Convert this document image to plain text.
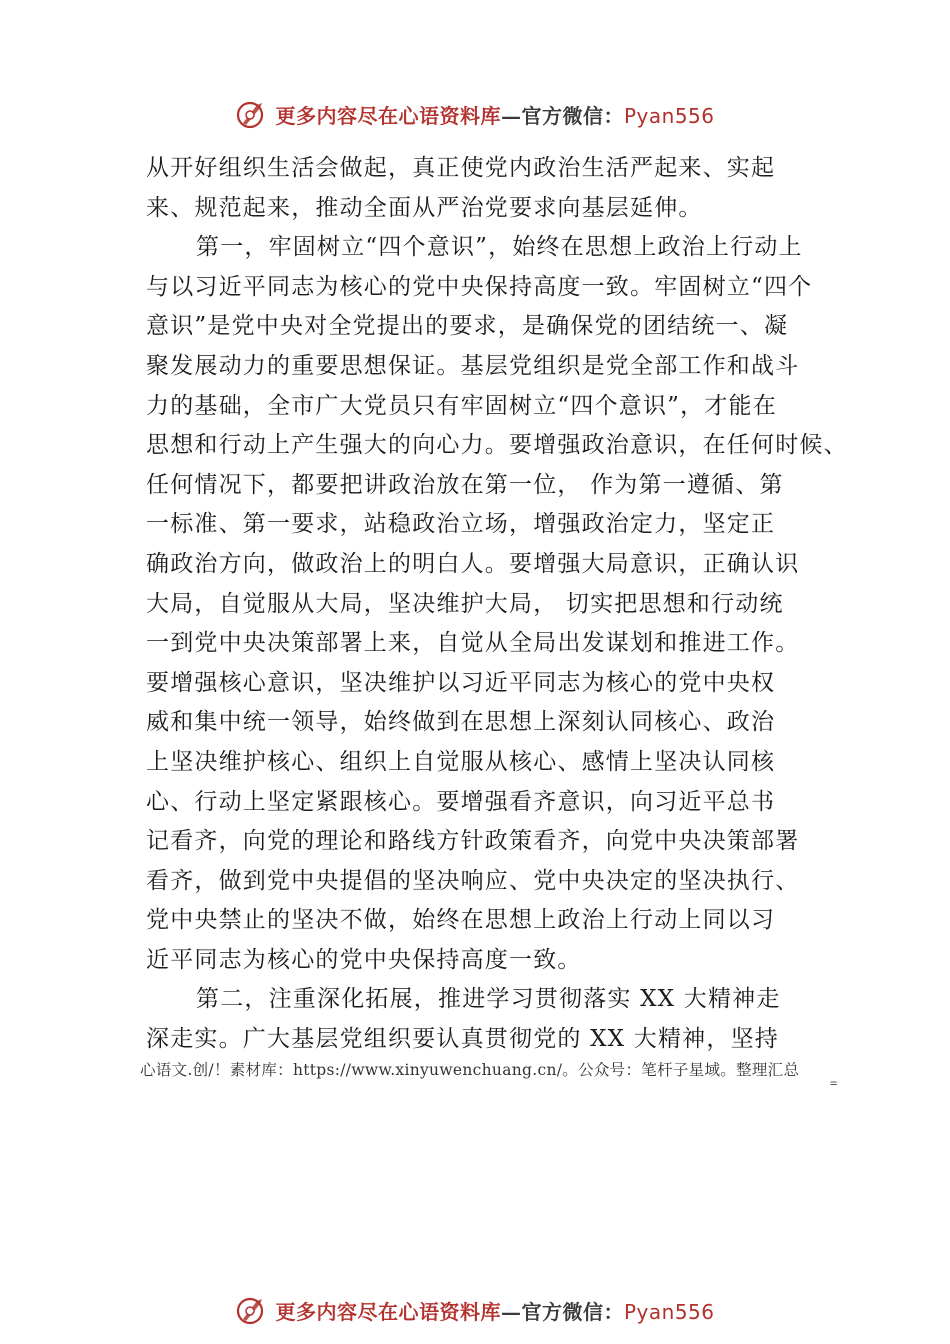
更多内容尽在心语资料库—官方微信：Pyan556
从开好组织生活会做起，真正使党内政治生活严起来、实起
来、规范起来，推动全面从严治党要求向基层延伸。
第一，牢固树立“四个意识”，始终在思想上政治上行动上
与以习近平同志为核心的党中央保持高度一致。牢固树立“四个
意识”是党中央对全党提出的要求，是确保党的团结统一、凝
聚发展动力的重要思想保证。基层党组织是党全部工作和战斗
力的基础，全市广大党员只有牢固树立“四个意识”，才能在
思想和行动上产生强大的向心力。要增强政治意识，在任何时候、
任何情况下，都要把讲政治放在第一位， 作为第一遵循、第
一标准、第一要求，站稳政治立场，增强政治定力，坚定正
确政治方向，做政治上的明白人。要增强大局意识，正确认识
大局，自觉服从大局，坚决维护大局， 切实把思想和行动统
一到党中央决策部署上来，自觉从全局出发谋划和推进工作。
要增强核心意识，坚决维护以习近平同志为核心的党中央权
威和集中统一领导，始终做到在思想上深刻认同核心、政治
上坚决维护核心、组织上自觉服从核心、感情上坚决认同核
心、行动上坚定紧跟核心。要增强看齐意识，向习近平总书
记看齐，向党的理论和路线方针政策看齐，向党中央决策部署
看齐，做到党中央提倡的坚决响应、党中央决定的坚决执行、
党中央禁止的坚决不做，始终在思想上政治上行动上同以习
近平同志为核心的党中央保持高度一致。
第二，注重深化拓展，推进学习贯彻落实 XX 大精神走
深走实。广大基层党组织要认真贯彻党的 XX 大精神，坚持
心语文.创/！素材库：https://www.xinyuwenchuang.cn/。公众号：笔杆子星域。整理汇总
=
更多内容尽在心语资料库—官方微信：Pyan556
